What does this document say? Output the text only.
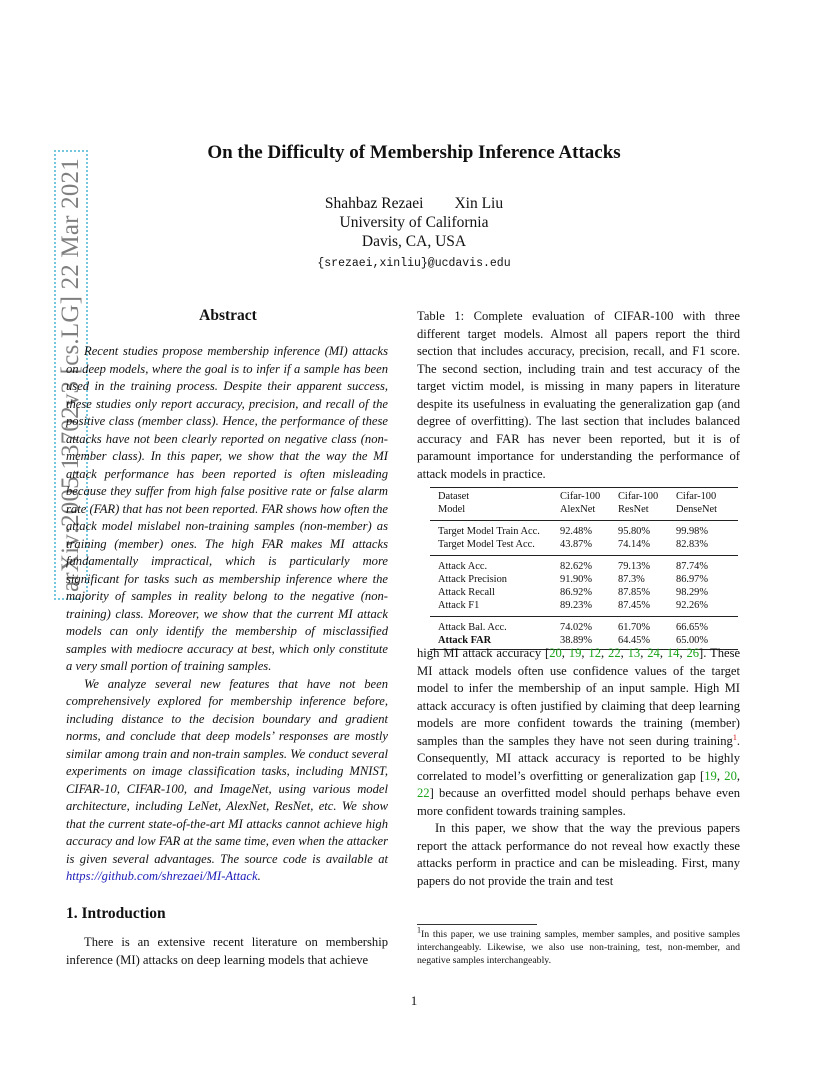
arXiv:2005.13702v3 [cs.LG] 22 Mar 2021
On the Difficulty of Membership Inference Attacks
Shahbaz Rezaei        Xin Liu
University of California
Davis, CA, USA
{srezaei,xinliu}@ucdavis.edu
Abstract

Recent studies propose membership inference (MI) attacks on deep models, where the goal is to infer if a sample has been used in the training process. Despite their apparent success, these studies only report accuracy, precision, and recall of the positive class (member class). Hence, the performance of these attacks have not been clearly reported on negative class (non-member class). In this paper, we show that the way the MI attack performance has been reported is often misleading because they suffer from high false positive rate or false alarm rate (FAR) that has not been reported. FAR shows how often the attack model mislabel non-training samples (non-member) as training (member) ones. The high FAR makes MI attacks fundamentally impractical, which is particularly more significant for tasks such as membership inference where the majority of samples in reality belong to the negative (non-training) class. Moreover, we show that the current MI attack models can only identify the membership of misclassified samples with mediocre accuracy at best, which only constitute a very small portion of training samples.

We analyze several new features that have not been comprehensively explored for membership inference before, including distance to the decision boundary and gradient norms, and conclude that deep models’ responses are mostly similar among train and non-train samples. We conduct several experiments on image classification tasks, including MNIST, CIFAR-10, CIFAR-100, and ImageNet, using various model architecture, including LeNet, AlexNet, ResNet, etc. We show that the current state-of-the-art MI attacks cannot achieve high accuracy and low FAR at the same time, even when the attacker is given several advantages. The source code is available at https://github.com/shrezaei/MI-Attack.

1. Introduction

There is an extensive recent literature on membership inference (MI) attacks on deep learning models that achieve

Table 1: Complete evaluation of CIFAR-100 with three different target models. Almost all papers report the third section that includes accuracy, precision, recall, and F1 score. The second section, including train and test accuracy of the target victim model, is missing in many papers in literature despite its usefulness in evaluating the generalization gap (and degree of overfitting). The last section that includes balanced accuracy and FAR has never been reported, but it is of paramount importance for understanding the performance of attack models in practice.

Dataset	Cifar-100	Cifar-100	Cifar-100
Model	AlexNet	ResNet	DenseNet

Target Model Train Acc.	92.48%	95.80%	99.98%
Target Model Test Acc.	43.87%	74.14%	82.83%

Attack Acc.	82.62%	79.13%	87.74%
Attack Precision	91.90%	87.3%	86.97%
Attack Recall	86.92%	87.85%	98.29%
Attack F1	89.23%	87.45%	92.26%

Attack Bal. Acc.	74.02%	61.70%	66.65%
Attack FAR	38.89%	64.45%	65.00%

high MI attack accuracy [20, 19, 12, 22, 13, 24, 14, 26]. These MI attack models often use confidence values of the target model to infer the membership of an input sample. High MI attack accuracy is often justified by claiming that deep learning models are more confident towards the training (member) samples than the samples they have not seen during training$^1$. Consequently, MI attack accuracy is reported to be highly correlated to model’s overfitting or generalization gap [19, 20, 22] because an overfitted model should perhaps behave even more confident towards training samples.

In this paper, we show that the way the previous papers report the attack performance do not reveal how exactly these attacks perform in practice and can be misleading. First, many papers do not provide the train and test

$^1$In this paper, we use training samples, member samples, and positive samples interchangeably. Likewise, we also use non-training, test, non-member, and negative samples interchangeably.
1
